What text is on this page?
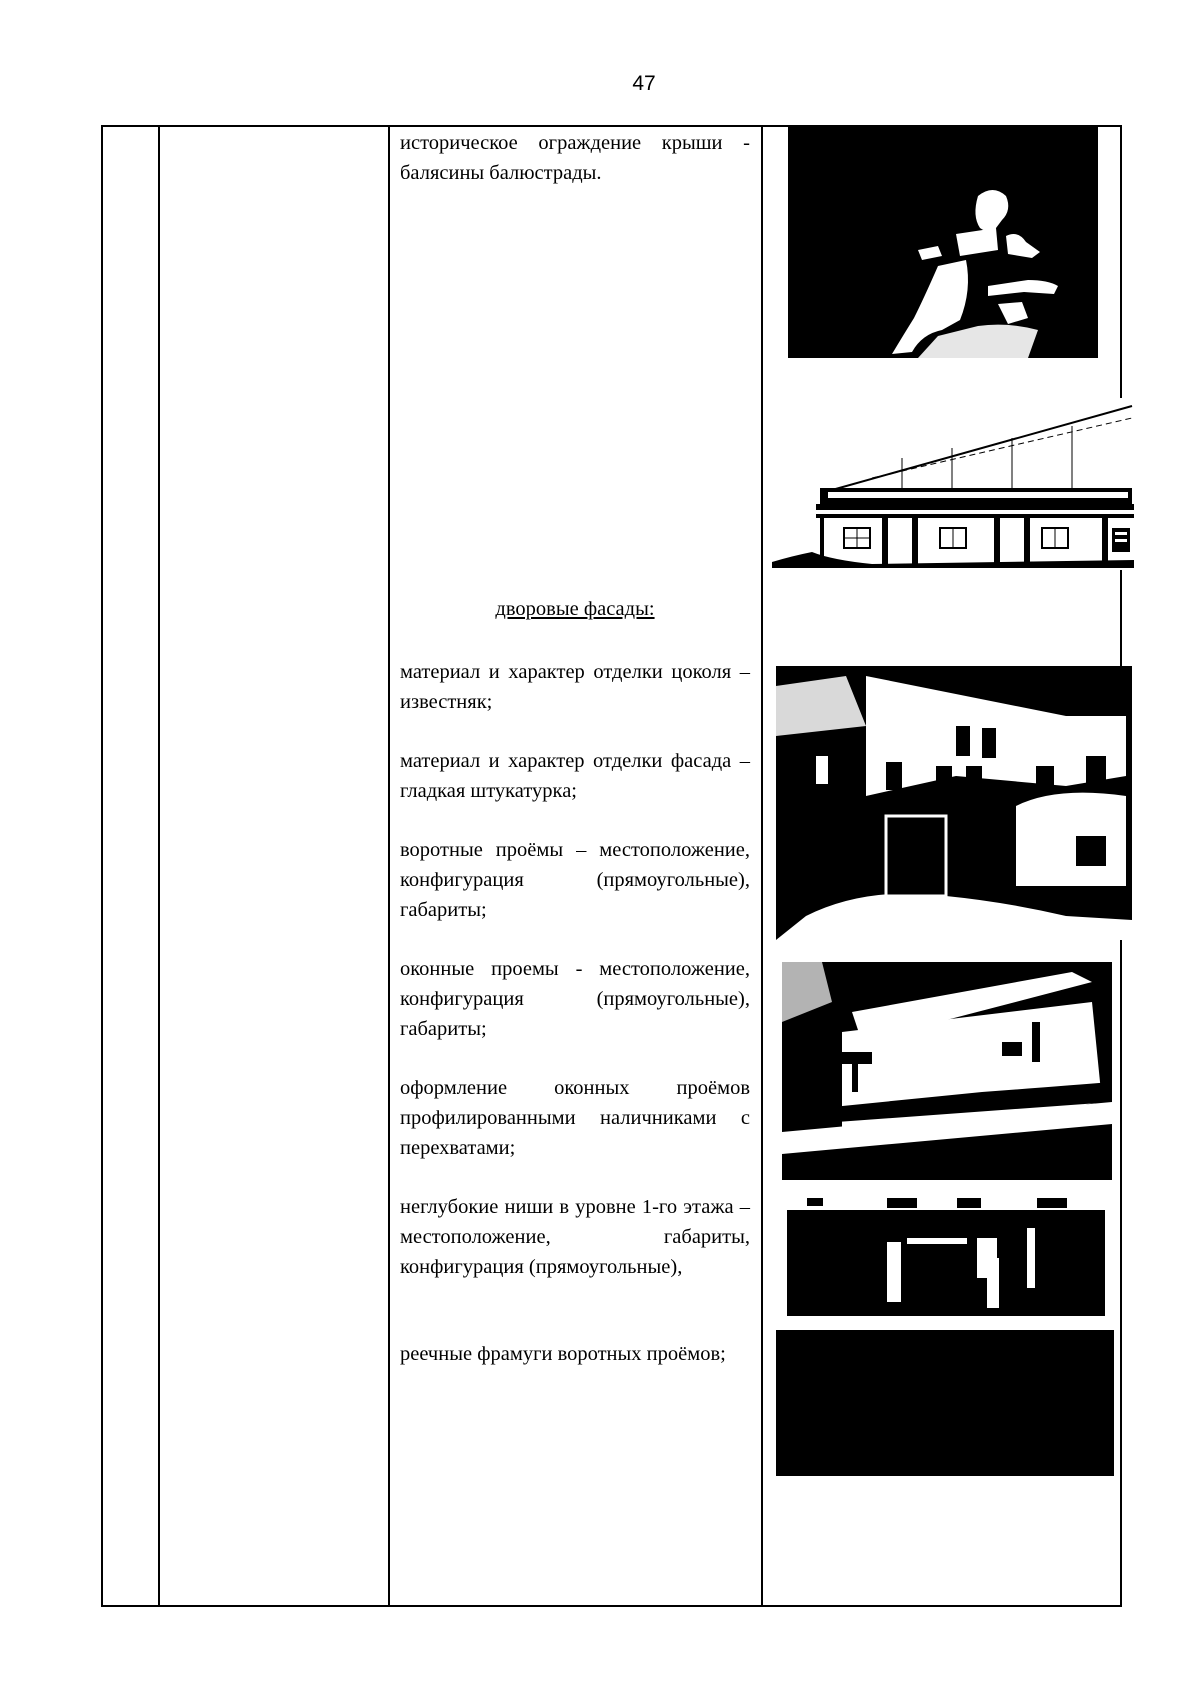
47
историческое ограждение крыши - балясины балюстрады.
дворовые фасады:
материал и характер отделки цоколя – известняк;
материал и характер отделки фасада – гладкая штукатурка;
воротные проёмы – местоположение, конфигурация (прямоугольные), габариты;
оконные проемы - местоположение, конфигурация (прямоугольные), габариты;
оформление оконных проёмов профилированными наличниками с перехватами;
неглубокие ниши в уровне 1-го этажа – местоположение, габариты, конфигурация (прямоугольные),
реечные фрамуги воротных проёмов;
